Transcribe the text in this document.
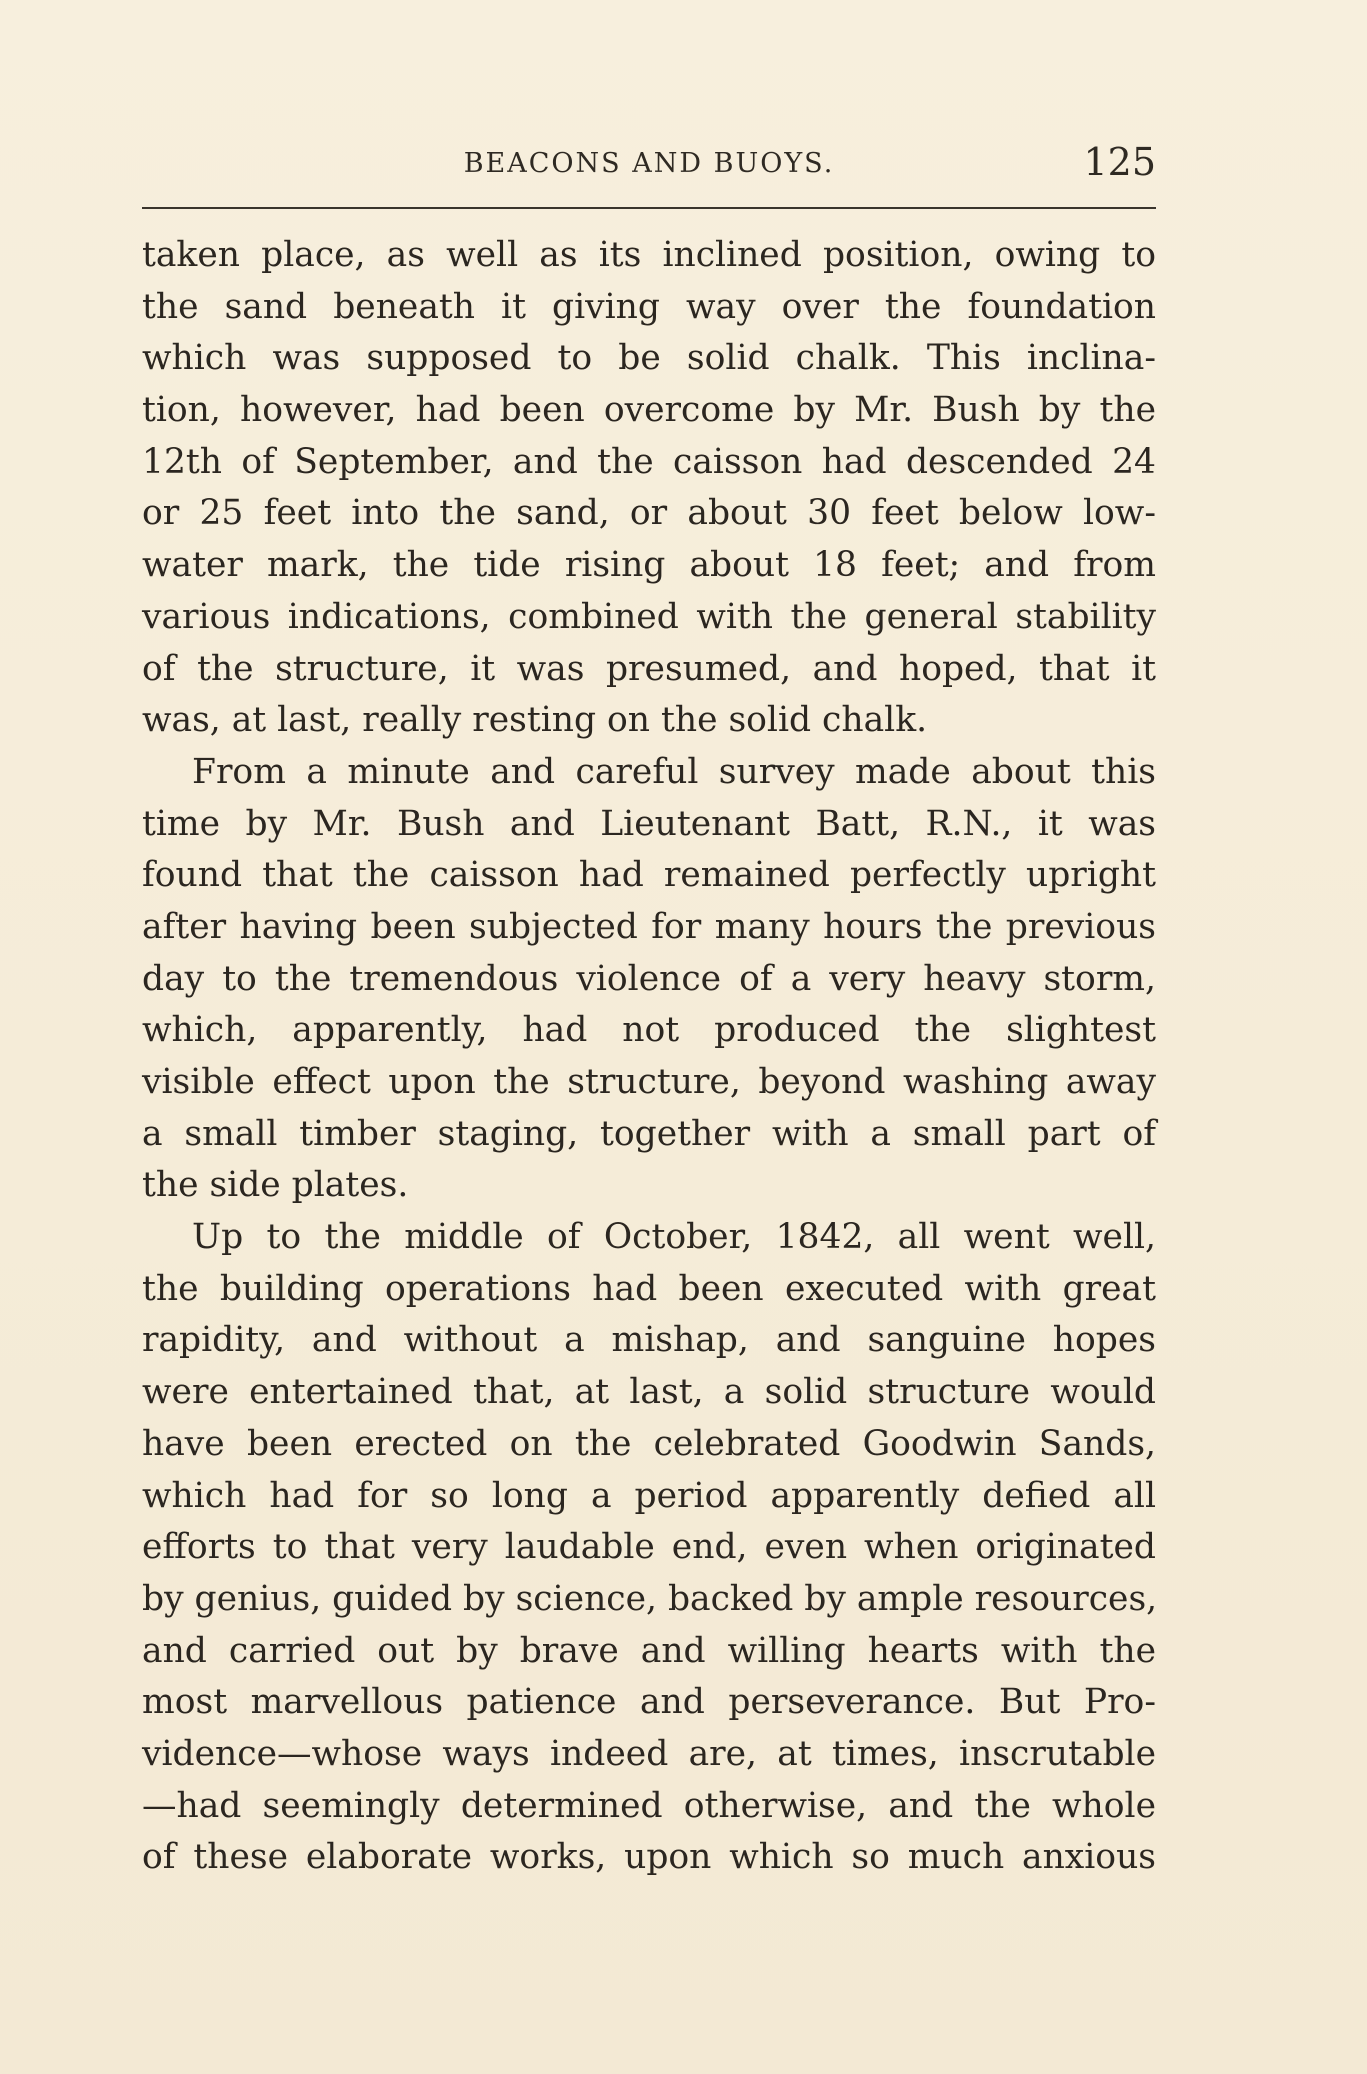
BEACONS AND BUOYS.	125
taken place, as well as its inclined position, owing to
the sand beneath it giving way over the foundation
which was supposed to be solid chalk. This inclina-
tion, however, had been overcome by Mr. Bush by the
12th of September, and the caisson had descended 24
or 25 feet into the sand, or about 30 feet below low-
water mark, the tide rising about 18 feet; and from
various indications, combined with the general stability
of the structure, it was presumed, and hoped, that it
was, at last, really resting on the solid chalk.
From a minute and careful survey made about this
time by Mr. Bush and Lieutenant Batt, R.N., it was
found that the caisson had remained perfectly upright
after having been subjected for many hours the previous
day to the tremendous violence of a very heavy storm,
which, apparently, had not produced the slightest
visible effect upon the structure, beyond washing away
a small timber staging, together with a small part of
the side plates.
Up to the middle of October, 1842, all went well,
the building operations had been executed with great
rapidity, and without a mishap, and sanguine hopes
were entertained that, at last, a solid structure would
have been erected on the celebrated Goodwin Sands,
which had for so long a period apparently defied all
efforts to that very laudable end, even when originated
by genius, guided by science, backed by ample resources,
and carried out by brave and willing hearts with the
most marvellous patience and perseverance. But Pro-
vidence—whose ways indeed are, at times, inscrutable
—had seemingly determined otherwise, and the whole
of these elaborate works, upon which so much anxious
